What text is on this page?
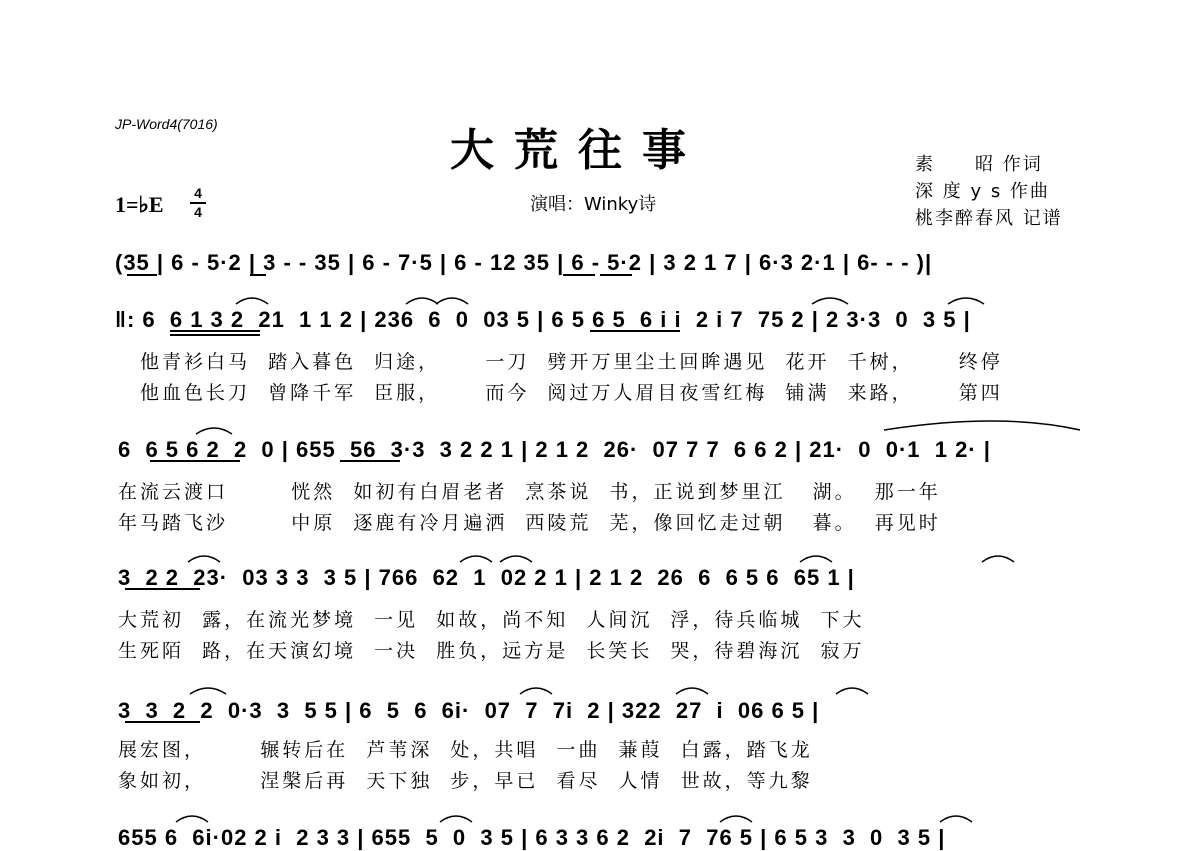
JP-Word4(7016)
大荒往事
1=♭E 4
4	演唱：Winky诗
素　　昭 作词
深 度 y s 作曲
桃李醉春风 记谱
(35 | 6 - 5·2 | 3 - - 35 | 6 - 7·5 | 6 - 12 35 | 6 - 5·2 | 3 2 1 7 | 6·3 2·1 | 6- - - )|
‖: 6  6 1 3 2  21  1 1 2 | 236  6  0  03 5 | 6 5 6 5  6 i i  2 i 7  75 2 | 2 3·3  0  3 5 |
他青衫白马  踏入暮色  归途，     一刀  劈开万里尘土回眸遇见  花开  千树，     终停
他血色长刀  曾降千军  臣服，     而今  阅过万人眉目夜雪红梅  铺满  来路，     第四
6  6 5 6 2  2  0 | 655  56  3·3  3 2 2 1 | 2 1 2  26·  07 7 7  6 6 2 | 21·  0  0·1  1 2· |
在流云渡口       恍然  如初有白眉老者  烹茶说  书，正说到梦里江   湖。  那一年
年马踏飞沙       中原  逐鹿有冷月遍洒  西陵荒  芜，像回忆走过朝   暮。  再见时
3  2 2  23·  03 3 3  3 5 | 766  62  1  02 2 1 | 2 1 2  26  6  6 5 6  65 1 |
大荒初  露，在流光梦境  一见  如故，尚不知  人间沉  浮，待兵临城  下大
生死陌  路，在天演幻境  一决  胜负，远方是  长笑长  哭，待碧海沉  寂万
3  3  2  2  0·3  3  5 5 | 6  5  6  6i·  07  7  7i  2 | 322  27  i  06 6 5 |
展宏图，      辗转后在  芦苇深  处，共唱  一曲  蒹葭  白露，踏飞龙
象如初，      涅槃后再  天下独  步，早已  看尽  人情  世故，等九黎
655 6  6i·02 2 i  2 3 3 | 655  5  0  3 5 | 6 3 3 6 2  2i  7  76 5 | 6 5 3  3  0  3 5 |
